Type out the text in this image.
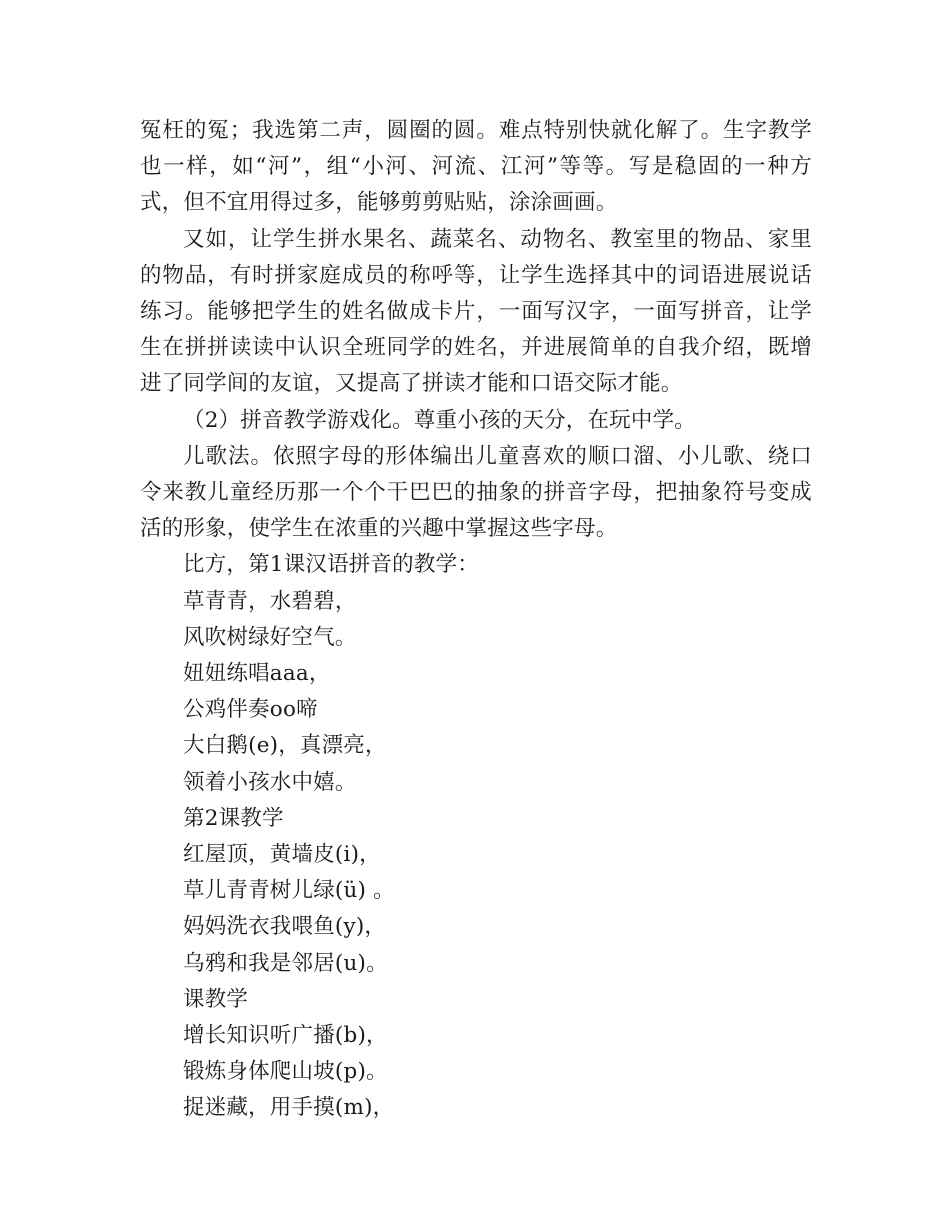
冤枉的冤；我选第二声，圆圈的圆。难点特别快就化解了。生字教学也一样，如“河”，组“小河、河流、江河”等等。写是稳固的一种方式，但不宜用得过多，能够剪剪贴贴，涂涂画画。

又如，让学生拼水果名、蔬菜名、动物名、教室里的物品、家里的物品，有时拼家庭成员的称呼等，让学生选择其中的词语进展说话练习。能够把学生的姓名做成卡片，一面写汉字，一面写拼音，让学生在拼拼读读中认识全班同学的姓名，并进展简单的自我介绍，既增进了同学间的友谊，又提高了拼读才能和口语交际才能。

（2）拼音教学游戏化。尊重小孩的天分，在玩中学。

儿歌法。依照字母的形体编出儿童喜欢的顺口溜、小儿歌、绕口令来教儿童经历那一个个干巴巴的抽象的拼音字母，把抽象符号变成活的形象，使学生在浓重的兴趣中掌握这些字母。

比方，第1课汉语拼音的教学：

草青青，水碧碧，

风吹树绿好空气。

妞妞练唱aaa，

公鸡伴奏oo啼

大白鹅(e)，真漂亮，

领着小孩水中嬉。

第2课教学

红屋顶，黄墙皮(i)，

草儿青青树儿绿(ü) 。

妈妈洗衣我喂鱼(y)，

乌鸦和我是邻居(u)。

课教学

增长知识听广播(b)，

锻炼身体爬山坡(p)。

捉迷藏，用手摸(m)，
